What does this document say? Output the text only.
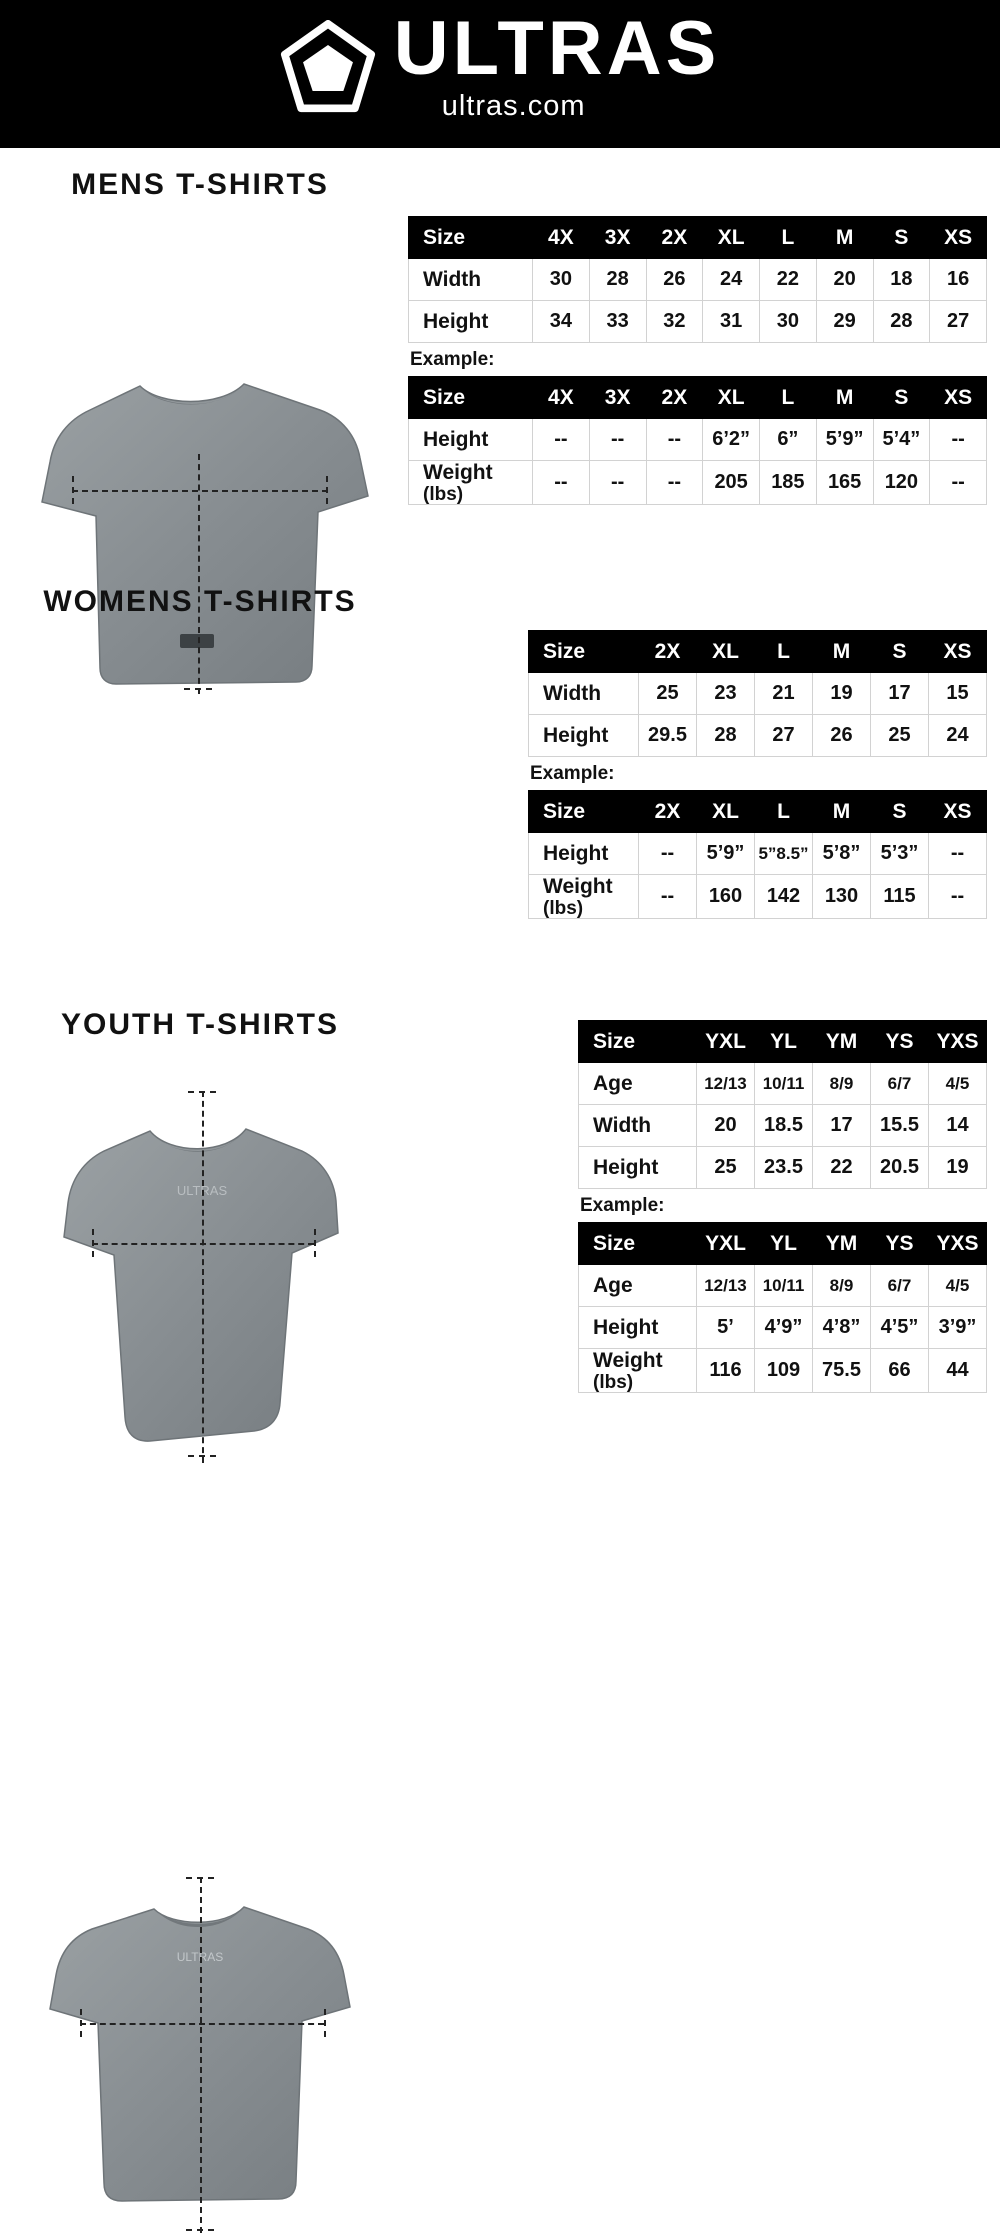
ULTRAS
ultras.com
MENS T-SHIRTS
Size	4X	3X	2X	XL	L	M	S	XS
Width	30	28	26	24	22	20	18	16
Height	34	33	32	31	30	29	28	27
Example:
Size	4X	3X	2X	XL	L	M	S	XS
Height	--	--	--	6’2”	6”	5’9”	5’4”	--
Weight
(lbs)	--	--	--	205	185	165	120	--
WOMENS T-SHIRTS
ULTRAS
Size	2X	XL	L	M	S	XS
Width	25	23	21	19	17	15
Height	29.5	28	27	26	25	24
Example:
Size	2X	XL	L	M	S	XS
Height	--	5’9”	5”8.5”	5’8”	5’3”	--
Weight
(lbs)	--	160	142	130	115	--
YOUTH T-SHIRTS
ULTRAS
Size	YXL	YL	YM	YS	YXS
Age	12/13	10/11	8/9	6/7	4/5
Width	20	18.5	17	15.5	14
Height	25	23.5	22	20.5	19
Example:
Size	YXL	YL	YM	YS	YXS
Age	12/13	10/11	8/9	6/7	4/5
Height	5’	4’9”	4’8”	4’5”	3’9”
Weight
(lbs)	116	109	75.5	66	44
